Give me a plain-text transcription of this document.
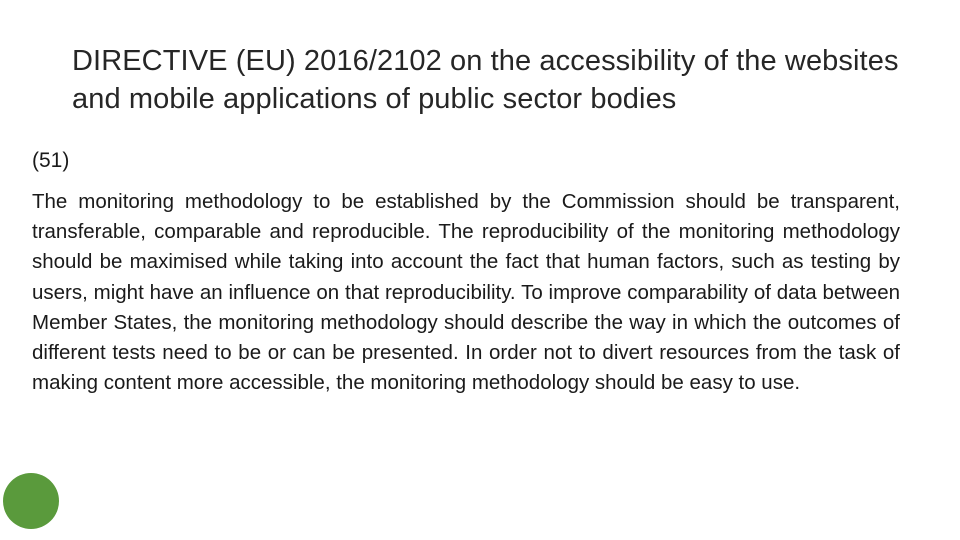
DIRECTIVE (EU) 2016/2102 on the accessibility of the websites and mobile applications of public sector bodies
(51)
The monitoring methodology to be established by the Commission should be transparent, transferable, comparable and reproducible. The reproducibility of the monitoring methodology should be maximised while taking into account the fact that human factors, such as testing by users, might have an influence on that reproducibility. To improve comparability of data between Member States, the monitoring methodology should describe the way in which the outcomes of different tests need to be or can be presented. In order not to divert resources from the task of making content more accessible, the monitoring methodology should be easy to use.
